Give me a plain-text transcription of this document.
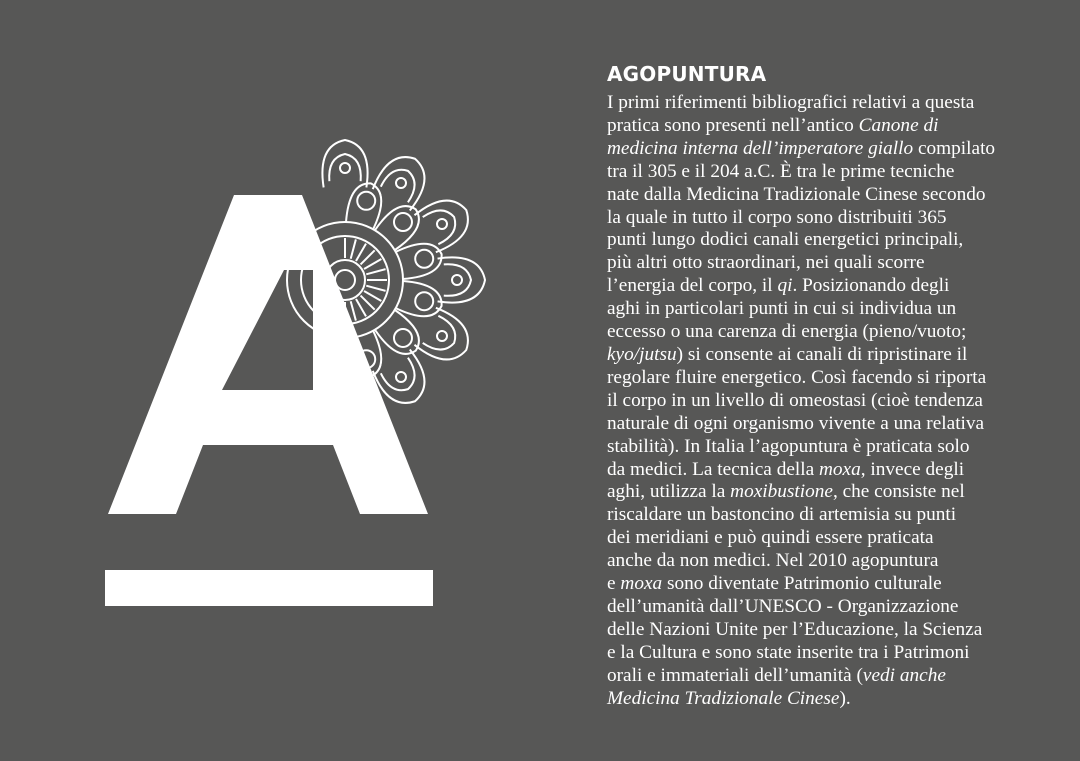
AGOPUNTURA
I primi riferimenti bibliografici relativi a questa
pratica sono presenti nell’antico Canone di
medicina interna dell’imperatore giallo compilato
tra il 305 e il 204 a.C. È tra le prime tecniche
nate dalla Medicina Tradizionale Cinese secondo
la quale in tutto il corpo sono distribuiti 365
punti lungo dodici canali energetici principali,
più altri otto straordinari, nei quali scorre
l’energia del corpo, il qi. Posizionando degli
aghi in particolari punti in cui si individua un
eccesso o una carenza di energia (pieno/vuoto;
kyo/jutsu) si consente ai canali di ripristinare il
regolare fluire energetico. Così facendo si riporta
il corpo in un livello di omeostasi (cioè tendenza
naturale di ogni organismo vivente a una relativa
stabilità). In Italia l’agopuntura è praticata solo
da medici. La tecnica della moxa, invece degli
aghi, utilizza la moxibustione, che consiste nel
riscaldare un bastoncino di artemisia su punti
dei meridiani e può quindi essere praticata
anche da non medici. Nel 2010 agopuntura
e moxa sono diventate Patrimonio culturale
dell’umanità dall’UNESCO - Organizzazione
delle Nazioni Unite per l’Educazione, la Scienza
e la Cultura e sono state inserite tra i Patrimoni
orali e immateriali dell’umanità (vedi anche
Medicina Tradizionale Cinese).
